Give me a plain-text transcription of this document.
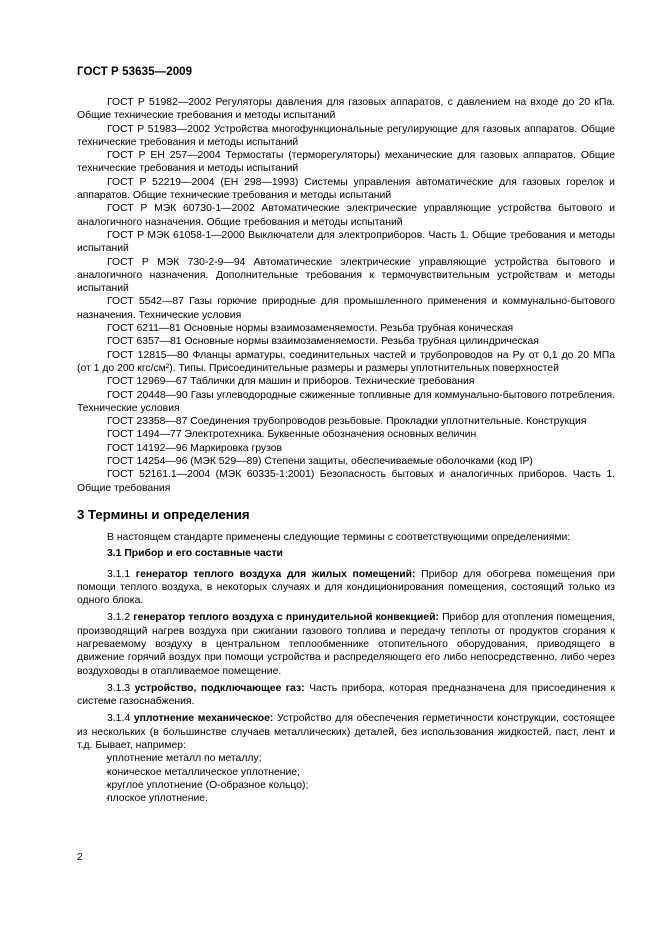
ГОСТ Р 53635—2009

ГОСТ Р 51982—2002 Регуляторы давления для газовых аппаратов, с давлением на входе до 20 кПа. Общие технические требования и методы испытаний

ГОСТ Р 51983—2002 Устройства многофункциональные регулирующие для газовых аппаратов. Общие технические требования и методы испытаний

ГОСТ Р ЕН 257—2004 Термостаты (терморегуляторы) механические для газовых аппаратов. Общие технические требования и методы испытаний

ГОСТ Р 52219—2004 (ЕН 298—1993) Системы управления автоматические для газовых горелок и аппаратов. Общие технические требования и методы испытаний

ГОСТ Р МЭК 60730-1—2002 Автоматические электрические управляющие устройства бытового и аналогичного назначения. Общие требования и методы испытаний

ГОСТ Р МЭК 61058-1—2000 Выключатели для электроприборов. Часть 1. Общие требования и методы испытаний

ГОСТ Р МЭК 730-2-9—94 Автоматические электрические управляющие устройства бытового и аналогичного назначения. Дополнительные требования к термочувствительным устройствам и методы испытаний

ГОСТ 5542—87 Газы горючие природные для промышленного применения и коммунально-бытового назначения. Технические условия

ГОСТ 6211—81 Основные нормы взаимозаменяемости. Резьба трубная коническая

ГОСТ 6357—81 Основные нормы взаимозаменяемости. Резьба трубная цилиндрическая

ГОСТ 12815—80 Фланцы арматуры, соединительных частей и трубопроводов на Pу от 0,1 до 20 МПа (от 1 до 200 кгс/см²). Типы. Присоединительные размеры и размеры уплотнительных поверхностей

ГОСТ 12969—67 Таблички для машин и приборов. Технические требования

ГОСТ 20448—90 Газы углеводородные сжиженные топливные для коммунально-бытового потребления. Технические условия

ГОСТ 23358—87 Соединения трубопроводов резьбовые. Прокладки уплотнительные. Конструкция

ГОСТ 1494—77 Электротехника. Буквенные обозначения основных величин

ГОСТ 14192—96 Маркировка грузов

ГОСТ 14254—96 (МЭК 529—89) Степени защиты, обеспечиваемые оболочками (код IP)

ГОСТ 52161.1—2004 (МЭК 60335-1:2001) Безопасность бытовых и аналогичных приборов. Часть 1. Общие требования

3 Термины и определения

В настоящем стандарте применены следующие термины с соответствующими определениями:

3.1 Прибор и его составные части

3.1.1 генератор теплого воздуха для жилых помещений: Прибор для обогрева помещения при помощи теплого воздуха, в некоторых случаях и для кондиционирования помещения, состоящий только из одного блока.

3.1.2 генератор теплого воздуха с принудительной конвекцией: Прибор для отопления помещения, производящий нагрев воздуха при сжигании газового топлива и передачу теплоты от продуктов сгорания к нагреваемому воздуху в центральном теплообменнике отопительного оборудования, приводящего в движение горячий воздух при помощи устройства и распределяющего его либо непосредственно, либо через воздуховоды в отапливаемое помещение.

3.1.3 устройство, подключающее газ: Часть прибора, которая предназначена для присоединения к системе газоснабжения.

3.1.4 уплотнение механическое: Устройство для обеспечения герметичности конструкции, состоящее из нескольких (в большинстве случаев металлических) деталей, без использования жидкостей, паст, лент и т.д. Бывает, например:

- уплотнение металл по металлу;
- коническое металлическое уплотнение;
- круглое уплотнение (О-образное кольцо);
- плоское уплотнение.
2
